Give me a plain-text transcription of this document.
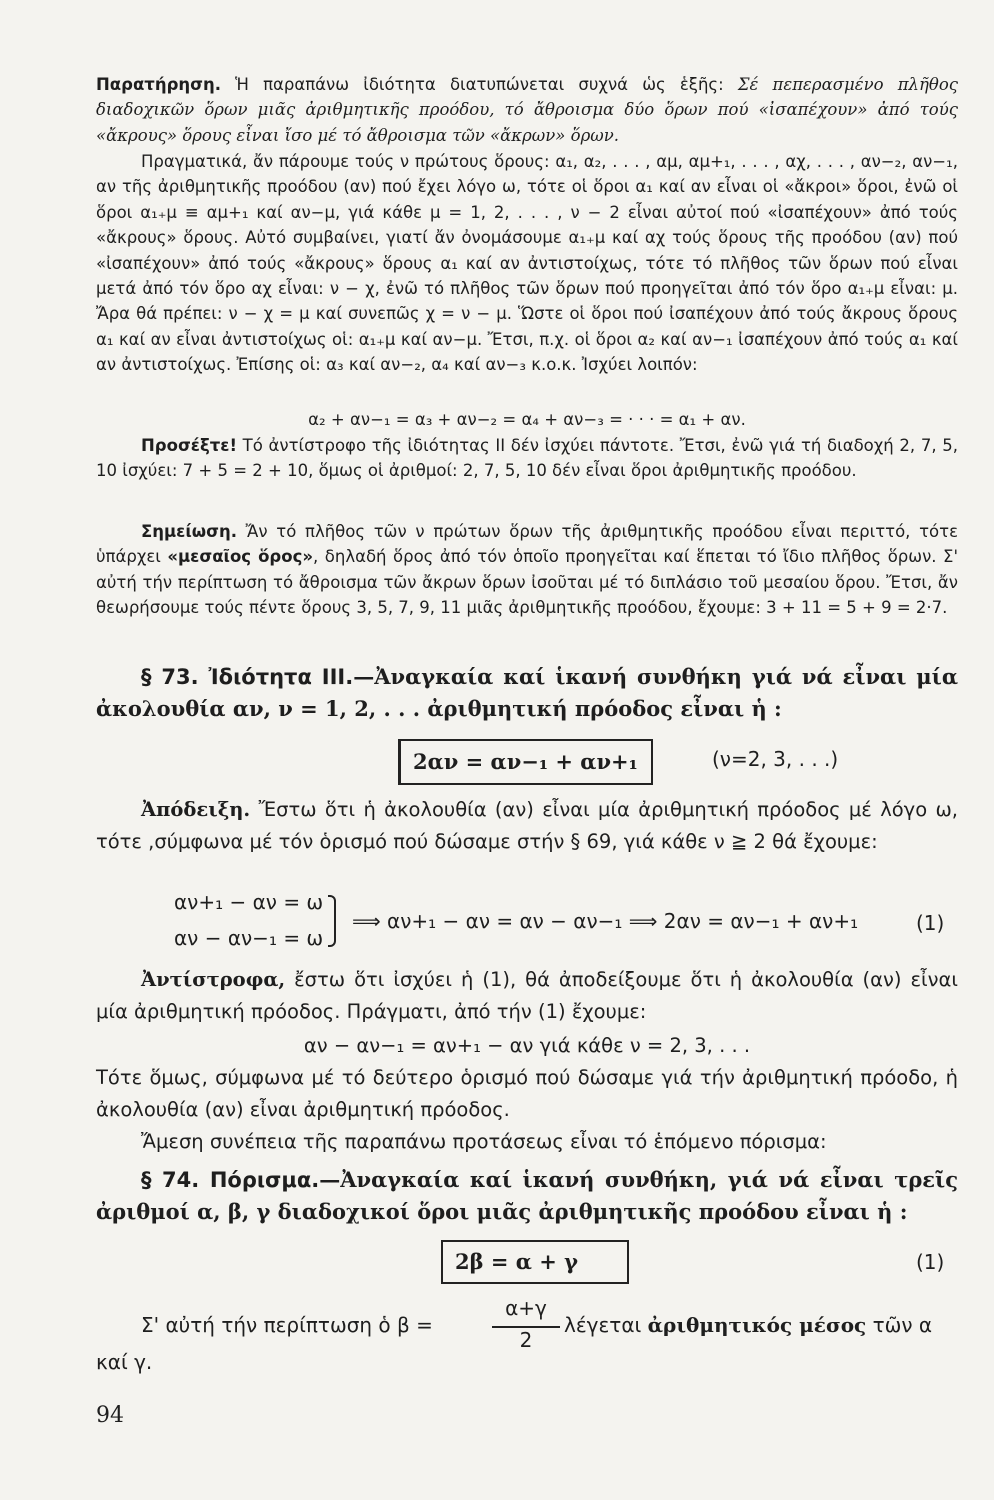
Παρατήρηση. Ἡ παραπάνω ἰδιότητα διατυπώνεται συχνά ὡς ἑξῆς: Σέ πεπερασμένο πλῆθος διαδοχικῶν ὅρων μιᾶς ἀριθμητικῆς προόδου, τό ἄθροισμα δύο ὅρων πού «ἰσαπέχουν» ἀπό τούς «ἄκρους» ὅρους εἶναι ἴσο μέ τό ἄθροισμα τῶν «ἄκρων» ὅρων.

Πραγματικά, ἄν πάρουμε τούς ν πρώτους ὅρους: α₁, α₂, . . . , αμ, αμ+₁, . . . , αχ, . . . , αν−₂, αν−₁, αν τῆς ἀριθμητικῆς προόδου (αν) πού ἔχει λόγο ω, τότε οἱ ὅροι α₁ καί αν εἶναι οἱ «ἄκροι» ὅροι, ἐνῶ οἱ ὅροι α₁₊μ ≡ αμ+₁ καί αν−μ, γιά κάθε μ = 1, 2, . . . , ν − 2 εἶναι αὐτοί πού «ἰσαπέχουν» ἀπό τούς «ἄκρους» ὅρους. Αὐτό συμβαίνει, γιατί ἄν ὀνομάσουμε α₁₊μ καί αχ τούς ὅρους τῆς προόδου (αν) πού «ἰσαπέχουν» ἀπό τούς «ἄκρους» ὅρους α₁ καί αν ἀντιστοίχως, τότε τό πλῆθος τῶν ὅρων πού εἶναι μετά ἀπό τόν ὅρο αχ εἶναι: ν − χ, ἐνῶ τό πλῆθος τῶν ὅρων πού προηγεῖται ἀπό τόν ὅρο α₁₊μ εἶναι: μ. Ἄρα θά πρέπει: ν − χ = μ καί συνεπῶς χ = ν − μ. Ὥστε οἱ ὅροι πού ἰσαπέχουν ἀπό τούς ἄκρους ὅρους α₁ καί αν εἶναι ἀντιστοίχως οἱ: α₁₊μ καί αν−μ. Ἔτσι, π.χ. οἱ ὅροι α₂ καί αν−₁ ἰσαπέχουν ἀπό τούς α₁ καί αν ἀντιστοίχως. Ἐπίσης οἱ: α₃ καί αν−₂, α₄ καί αν−₃ κ.ο.κ. Ἰσχύει λοιπόν:

α₂ + αν−₁ = α₃ + αν−₂ = α₄ + αν−₃ = · · · = α₁ + αν.

Προσέξτε! Τό ἀντίστροφο τῆς ἰδιότητας ΙΙ δέν ἰσχύει πάντοτε. Ἔτσι, ἐνῶ γιά τή διαδοχή 2, 7, 5, 10 ἰσχύει: 7 + 5 = 2 + 10, ὅμως οἱ ἀριθμοί: 2, 7, 5, 10 δέν εἶναι ὅροι ἀριθμητικῆς προόδου.

Σημείωση. Ἄν τό πλῆθος τῶν ν πρώτων ὅρων τῆς ἀριθμητικῆς προόδου εἶναι περιττό, τότε ὑπάρχει «μεσαῖος ὅρος», δηλαδή ὅρος ἀπό τόν ὁποῖο προηγεῖται καί ἕπεται τό ἴδιο πλῆθος ὅρων. Σ' αὐτή τήν περίπτωση τό ἄθροισμα τῶν ἄκρων ὅρων ἰσοῦται μέ τό διπλάσιο τοῦ μεσαίου ὅρου. Ἔτσι, ἄν θεωρήσουμε τούς πέντε ὅρους 3, 5, 7, 9, 11 μιᾶς ἀριθμητικῆς προόδου, ἔχουμε: 3 + 11 = 5 + 9 = 2·7.

§ 73. Ἰδιότητα ΙΙΙ.—Ἀναγκαία καί ἱκανή συνθήκη γιά νά εἶναι μία ἀκολουθία αν, ν = 1, 2, . . . ἀριθμητική πρόοδος εἶναι ἡ :

2αν = αν−₁ + αν+₁	(ν=2, 3, . . .)

Ἀπόδειξη. Ἔστω ὅτι ἡ ἀκολουθία (αν) εἶναι μία ἀριθμητική πρόοδος μέ λόγο ω, τότε ,σύμφωνα μέ τόν ὁρισμό πού δώσαμε στήν § 69, γιά κάθε ν ≧ 2 θά ἔχουμε:

αν+₁ − αν = ω
αν − αν−₁ = ω
⟹ αν+₁ − αν = αν − αν−₁ ⟹ 2αν = αν−₁ + αν+₁	(1)

Ἀντίστροφα, ἔστω ὅτι ἰσχύει ἡ (1), θά ἀποδείξουμε ὅτι ἡ ἀκολουθία (αν) εἶναι μία ἀριθμητική πρόοδος. Πράγματι, ἀπό τήν (1) ἔχουμε:

αν − αν−₁ = αν+₁ − αν γιά κάθε ν = 2, 3, . . .

Τότε ὅμως, σύμφωνα μέ τό δεύτερο ὁρισμό πού δώσαμε γιά τήν ἀριθμητική πρόοδο, ἡ ἀκολουθία (αν) εἶναι ἀριθμητική πρόοδος.

Ἄμεση συνέπεια τῆς παραπάνω προτάσεως εἶναι τό ἑπόμενο πόρισμα:

§ 74. Πόρισμα.—Ἀναγκαία καί ἱκανή συνθήκη, γιά νά εἶναι τρεῖς ἀριθμοί α, β, γ διαδοχικοί ὅροι μιᾶς ἀριθμητικῆς προόδου εἶναι ἡ :

2β = α + γ	(1)
Σ' αὐτή τήν περίπτωση ὁ β =
α+γ
2
λέγεται ἀριθμητικός μέσος τῶν α
καί γ.
94
